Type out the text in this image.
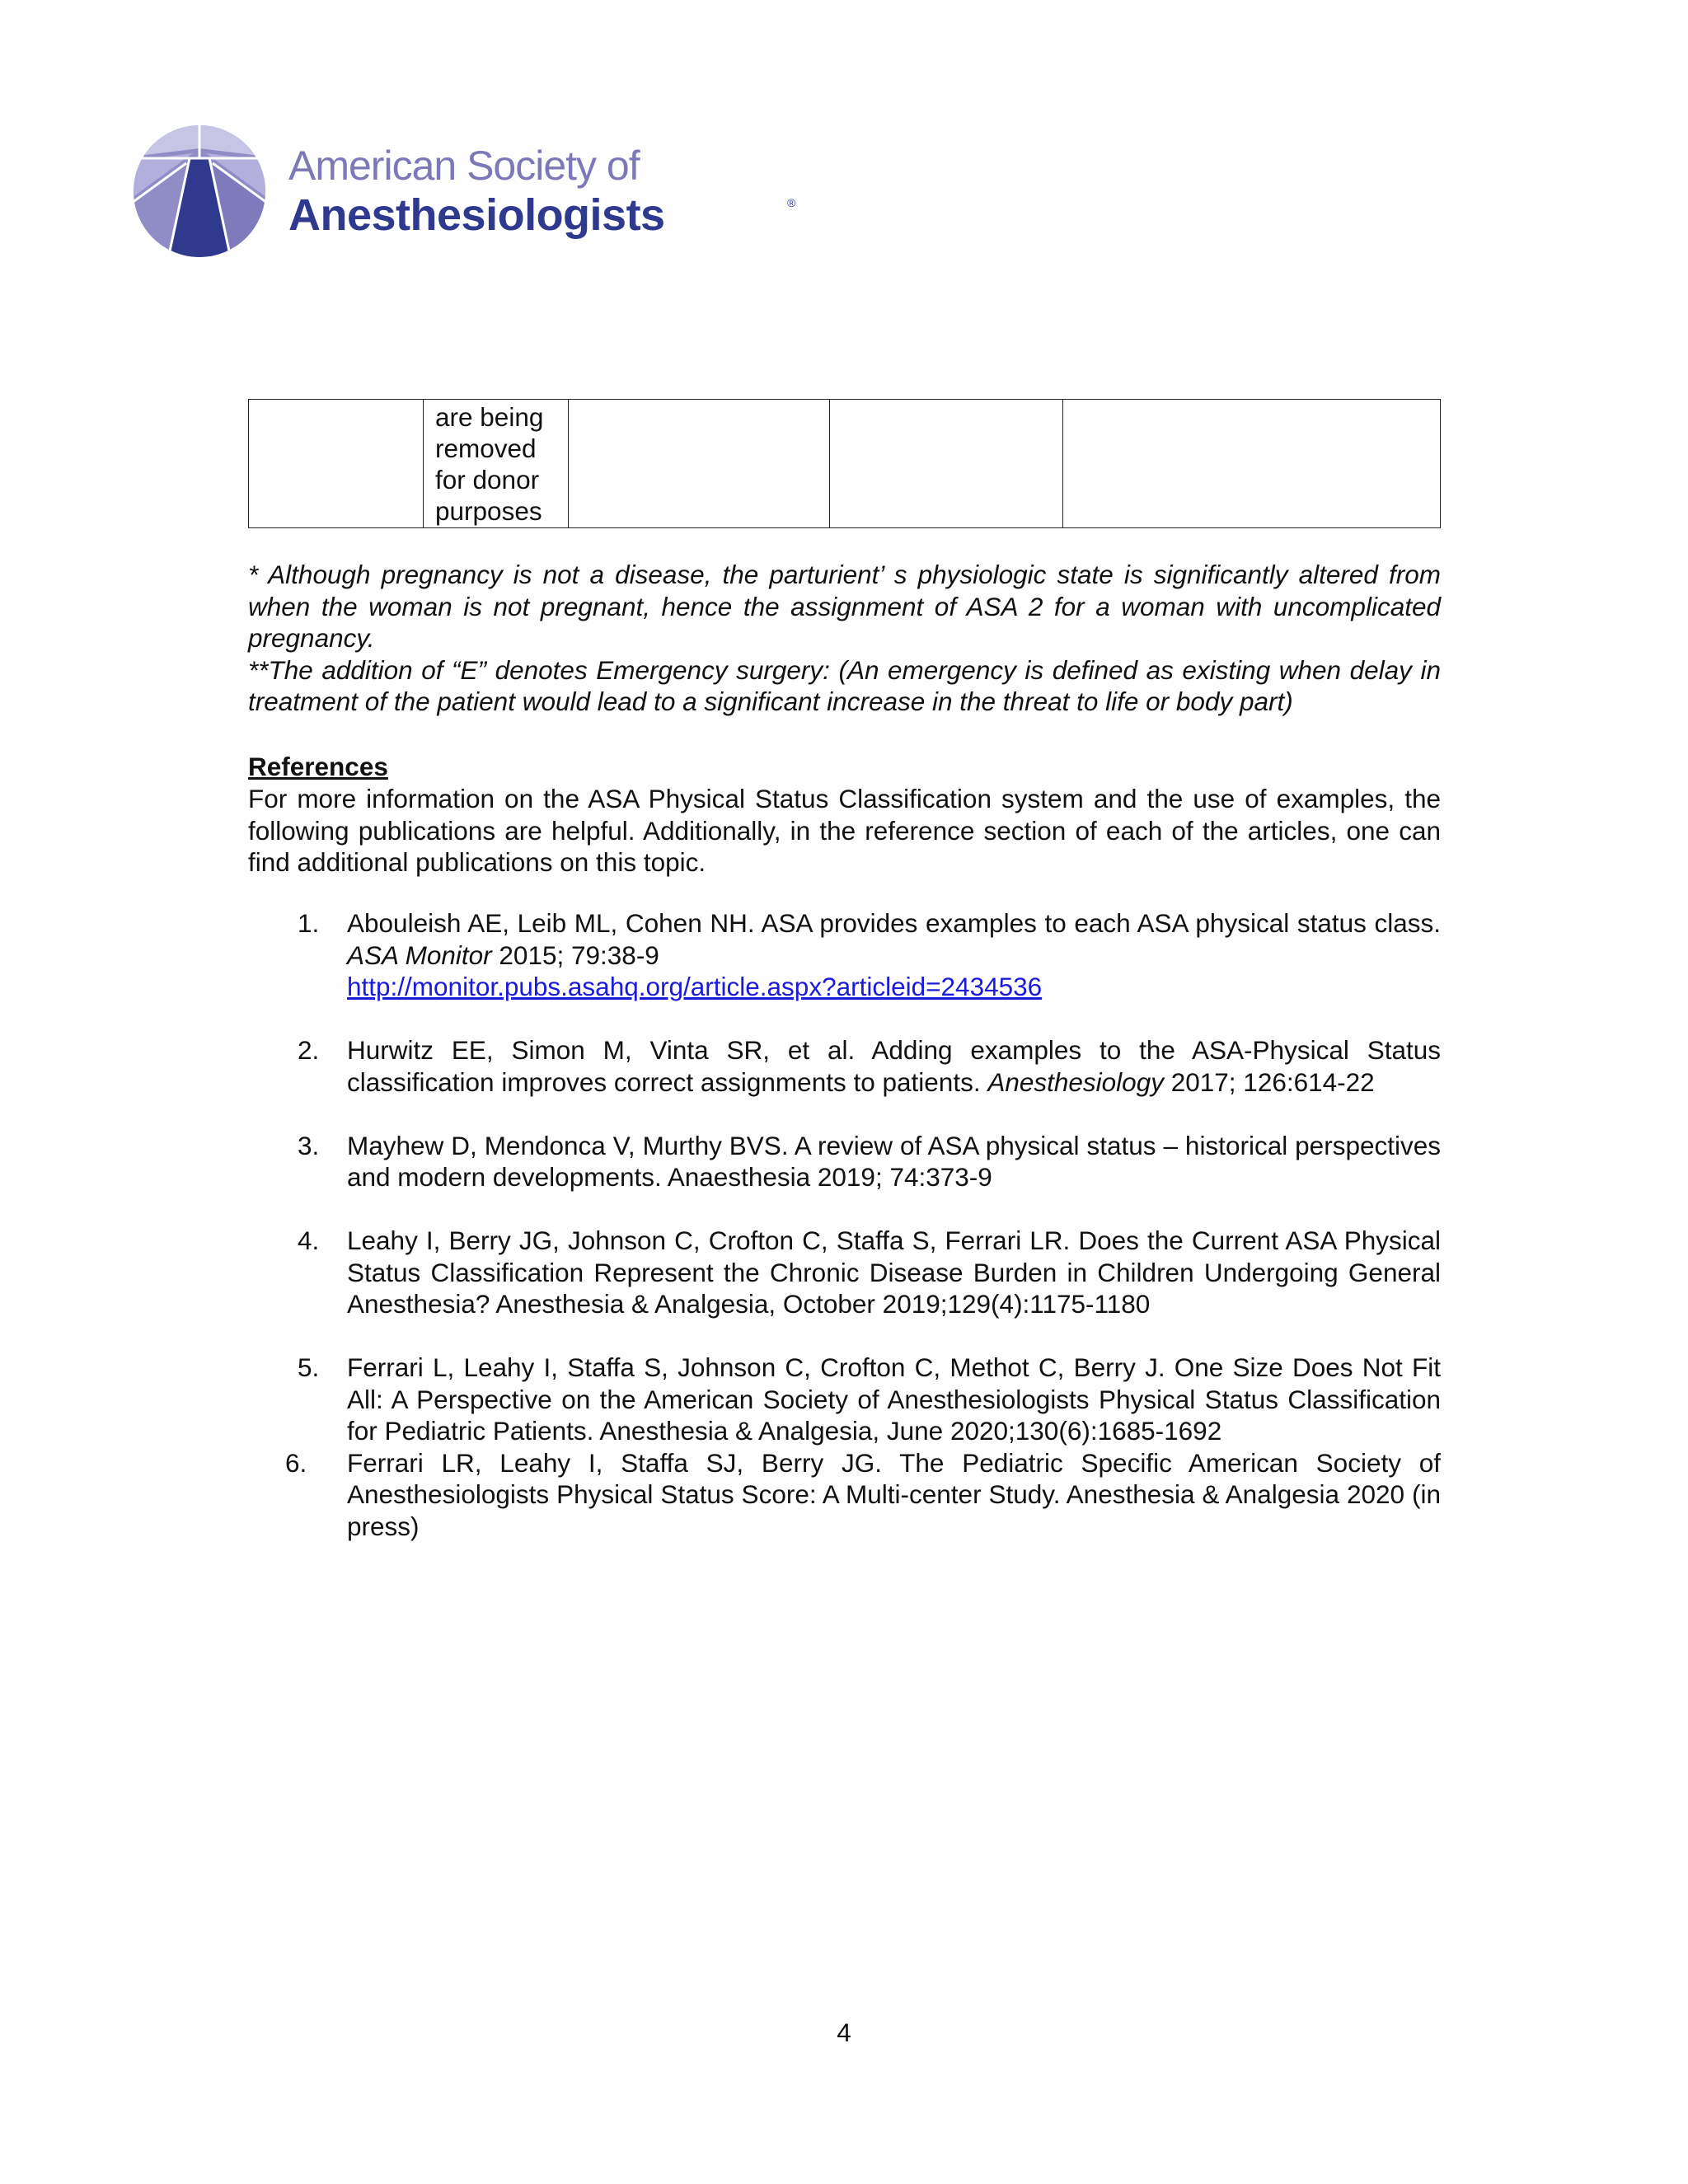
American Society of
Anesthesiologists	®

are being
removed
for donor
purposes

* Although pregnancy is not a disease, the parturient’ s physiologic state is significantly altered from when the woman is not pregnant, hence the assignment of ASA 2 for a woman with uncomplicated pregnancy.

**The addition of “E” denotes Emergency surgery: (An emergency is defined as existing when delay in treatment of the patient would lead to a significant increase in the threat to life or body part)

References
For more information on the ASA Physical Status Classification system and the use of examples, the following publications are helpful. Additionally, in the reference section of each of the articles, one can find additional publications on this topic.
1. Abouleish AE, Leib ML, Cohen NH. ASA provides examples to each ASA physical status class. ASA Monitor 2015; 79:38-9
http://monitor.pubs.asahq.org/article.aspx?articleid=2434536
2. Hurwitz EE, Simon M, Vinta SR, et al. Adding examples to the ASA-Physical Status classification improves correct assignments to patients. Anesthesiology 2017; 126:614-22
3. Mayhew D, Mendonca V, Murthy BVS. A review of ASA physical status – historical perspectives and modern developments. Anaesthesia 2019; 74:373-9
4. Leahy I, Berry JG, Johnson C, Crofton C, Staffa S, Ferrari LR. Does the Current ASA Physical Status Classification Represent the Chronic Disease Burden in Children Undergoing General Anesthesia? Anesthesia & Analgesia, October 2019;129(4):1175-1180
5. Ferrari L, Leahy I, Staffa S, Johnson C, Crofton C, Methot C, Berry J. One Size Does Not Fit All: A Perspective on the American Society of Anesthesiologists Physical Status Classification for Pediatric Patients. Anesthesia & Analgesia, June 2020;130(6):1685-1692
6. Ferrari LR, Leahy I, Staffa SJ, Berry JG. The Pediatric Specific American Society of Anesthesiologists Physical Status Score: A Multi-center Study. Anesthesia & Analgesia 2020 (in press)
4
